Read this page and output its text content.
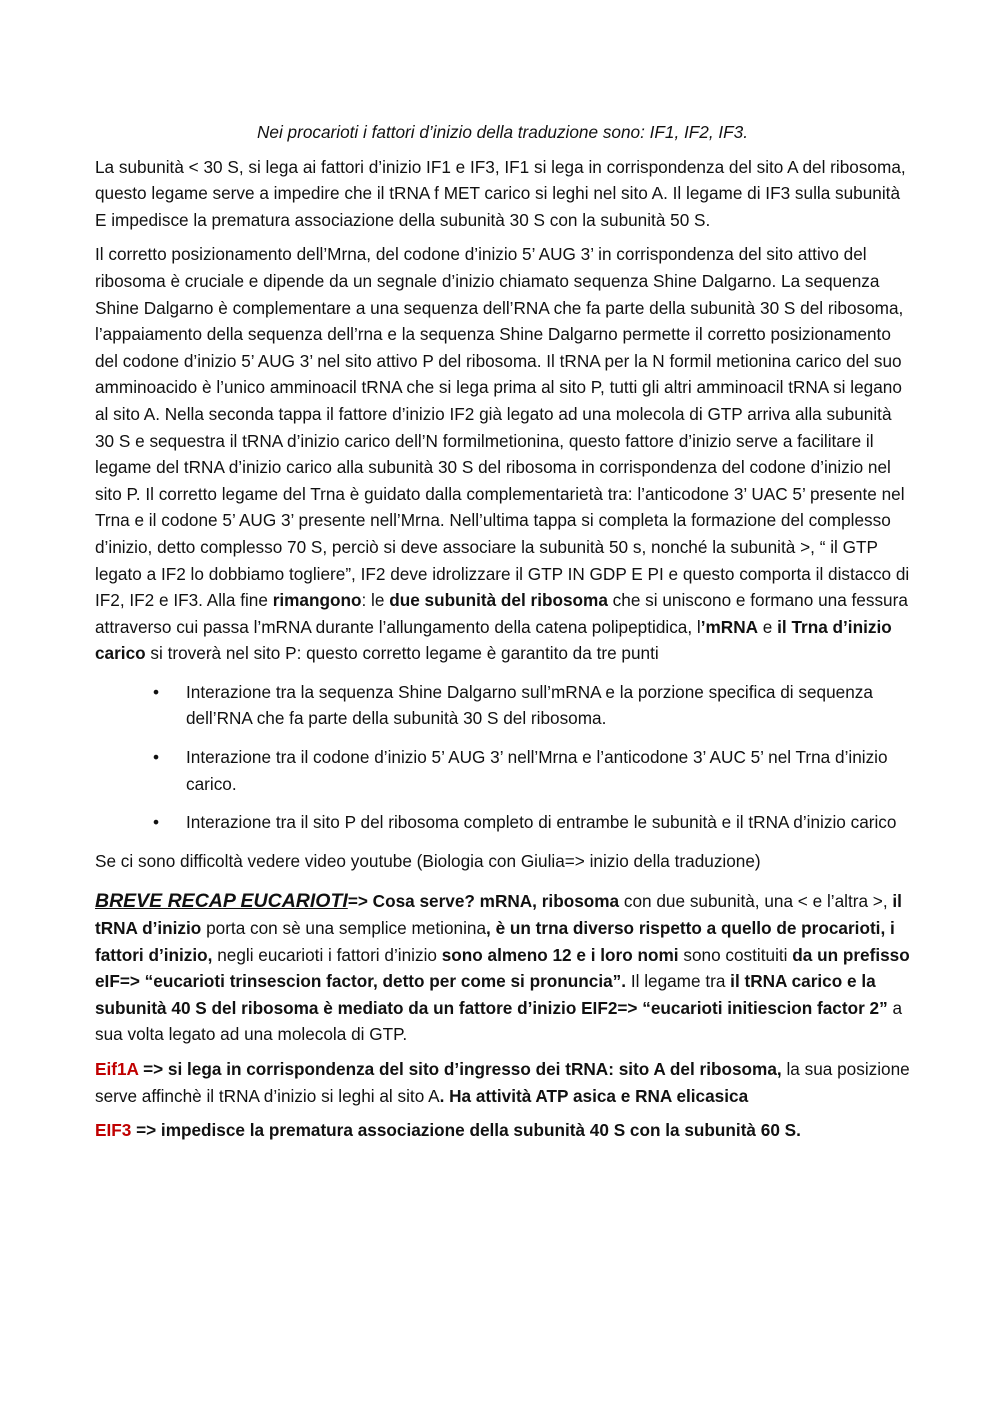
Nei procarioti i fattori d’inizio della traduzione sono: IF1, IF2, IF3.

La subunità < 30 S, si lega ai fattori d’inizio IF1 e IF3, IF1 si lega in corrispondenza del sito A del ribosoma, questo legame serve a impedire che il tRNA f MET carico si leghi nel sito A. Il legame di IF3 sulla subunità E impedisce la prematura associazione della subunità 30 S con la subunità 50 S.

Il corretto posizionamento dell’Mrna, del codone d’inizio 5’ AUG 3’ in corrispondenza del sito attivo del ribosoma è cruciale e dipende da un segnale d’inizio chiamato sequenza Shine Dalgarno. La sequenza Shine Dalgarno è complementare a una sequenza dell’RNA che fa parte della subunità 30 S del ribosoma, l’appaiamento della sequenza dell’rna e la sequenza Shine Dalgarno permette il corretto posizionamento del codone d’inizio 5’ AUG 3’ nel sito attivo P del ribosoma. Il tRNA per la N formil metionina carico del suo amminoacido è l’unico amminoacil tRNA che si lega prima al sito P, tutti gli altri amminoacil tRNA si legano al sito A. Nella seconda tappa il fattore d’inizio IF2 già legato ad una molecola di GTP arriva alla subunità 30 S e sequestra il tRNA d’inizio carico dell’N formilmetionina, questo fattore d’inizio serve a facilitare il legame del tRNA d’inizio carico alla subunità 30 S del ribosoma in corrispondenza del codone d’inizio nel sito P. Il corretto legame del Trna è guidato dalla complementarietà tra: l’anticodone 3’ UAC 5’ presente nel Trna e il codone 5’ AUG 3’ presente nell’Mrna. Nell’ultima tappa si completa la formazione del complesso d’inizio, detto complesso 70 S, perciò si deve associare la subunità 50 s, nonché la subunità >, “ il GTP legato a IF2 lo dobbiamo togliere”, IF2 deve idrolizzare il GTP IN GDP E PI e questo comporta il distacco di IF2, IF2 e IF3. Alla fine rimangono: le due subunità del ribosoma che si uniscono e formano una fessura attraverso cui passa l’mRNA durante l’allungamento della catena polipeptidica, l’mRNA e il Trna d’inizio carico si troverà nel sito P: questo corretto legame è garantito da tre punti

• Interazione tra la sequenza Shine Dalgarno sull’mRNA e la porzione specifica di sequenza dell’RNA che fa parte della subunità 30 S del ribosoma.
• Interazione tra il codone d’inizio 5’ AUG 3’ nell’Mrna e l’anticodone 3’ AUC 5’ nel Trna d’inizio carico.
• Interazione tra il sito P del ribosoma completo di entrambe le subunità e il tRNA d’inizio carico

Se ci sono difficoltà vedere video youtube (Biologia con Giulia=> inizio della traduzione)

BREVE RECAP EUCARIOTI=> Cosa serve? mRNA, ribosoma con due subunità, una < e l’altra >, il tRNA d’inizio porta con sè una semplice metionina, è un trna diverso rispetto a quello de procarioti, i fattori d’inizio, negli eucarioti i fattori d’inizio sono almeno 12 e i loro nomi sono costituiti da un prefisso eIF=> “eucarioti trinsescion factor, detto per come si pronuncia”. Il legame tra il tRNA carico e la subunità 40 S del ribosoma è mediato da un fattore d’inizio EIF2=> “eucarioti initiescion factor 2” a sua volta legato ad una molecola di GTP.

Eif1A => si lega in corrispondenza del sito d’ingresso dei tRNA: sito A del ribosoma, la sua posizione serve affinchè il tRNA d’inizio si leghi al sito A. Ha attività ATP asica e RNA elicasica

EIF3 => impedisce la prematura associazione della subunità 40 S con la subunità 60 S.
